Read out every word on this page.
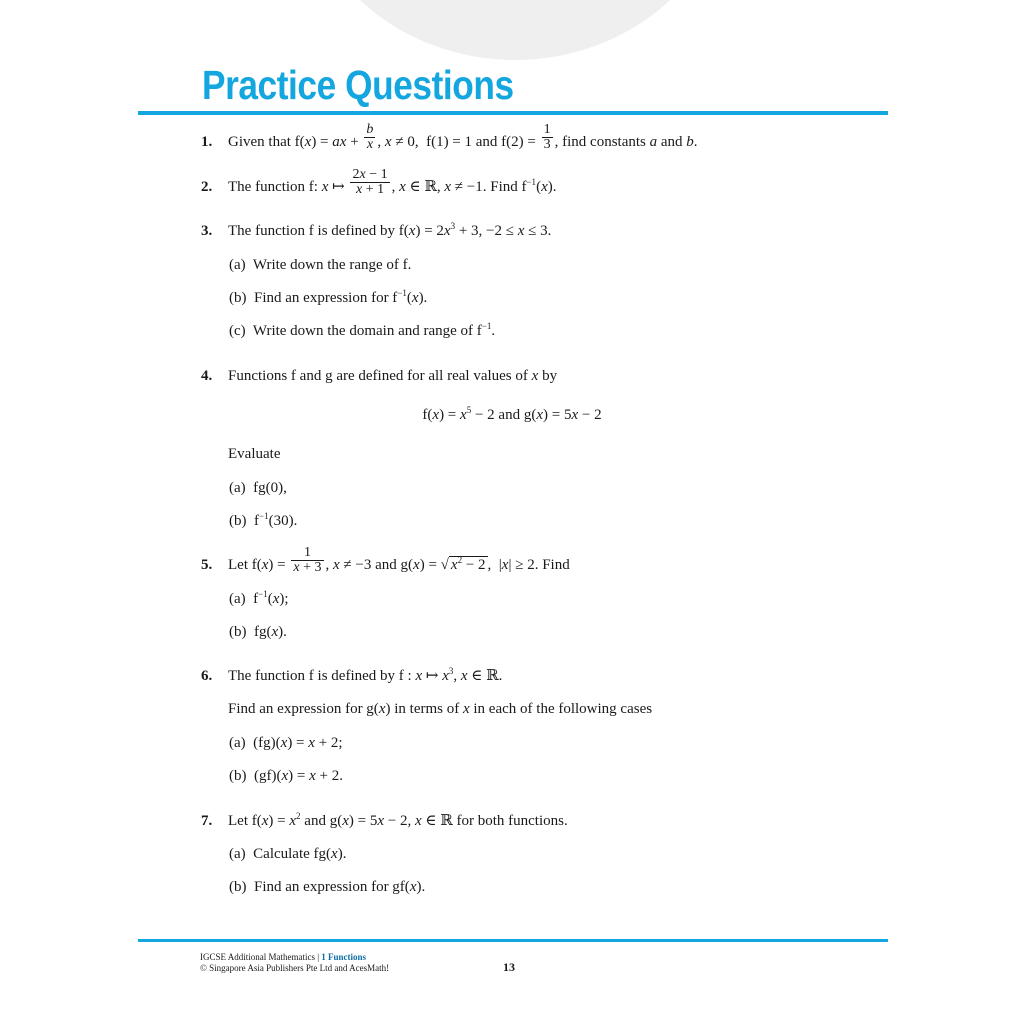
Practice Questions
1. Given that f(x) = ax + $\frac{b}{x}$ , x ≠ 0,  f(1) = 1 and $f(2) = \frac{1}{3}$ , find constants a and b.
2. The function f: x ↦ $\frac{2x - 1}{x + 1}$ , x ∈ ℝ, x ≠ −1. Find $f^{-1}(x)$.
3. The function f is defined by $f(x) = 2x^3 + 3$, −2 ≤ x ≤ 3.
(a)  Write down the range of f.
(b)  Find an expression for $f^{-1}(x)$.
(c)  Write down the domain and range of $f^{-1}$.
4. Functions f and g are defined for all real values of x by
$f(x) = x^5 - 2$ and g(x) = 5x − 2
Evaluate
(a)  fg(0),
(b)  $f^{-1}(30)$.
5. Let $f(x) = \frac{1}{x + 3}$ , x ≠ −3 and g(x) = √ $x^2 - 2$ ,  |x| ≥ 2. Find
(a)  $f^{-1}(x)$;
(b)  fg(x).
6. The function f is defined by f : x ↦ $x^3$, x ∈ ℝ.
Find an expression for g(x) in terms of x in each of the following cases
(a)  (fg)(x) = x + 2;
(b)  (gf)(x) = x + 2.
7. Let $f(x) = x^2$ and g(x) = 5x − 2, x ∈ ℝ for both functions.
(a)  Calculate fg(x).
(b)  Find an expression for gf(x).
IGCSE Additional Mathematics | 1 Functions
© Singapore Asia Publishers Pte Ltd and AcesMath!	13
